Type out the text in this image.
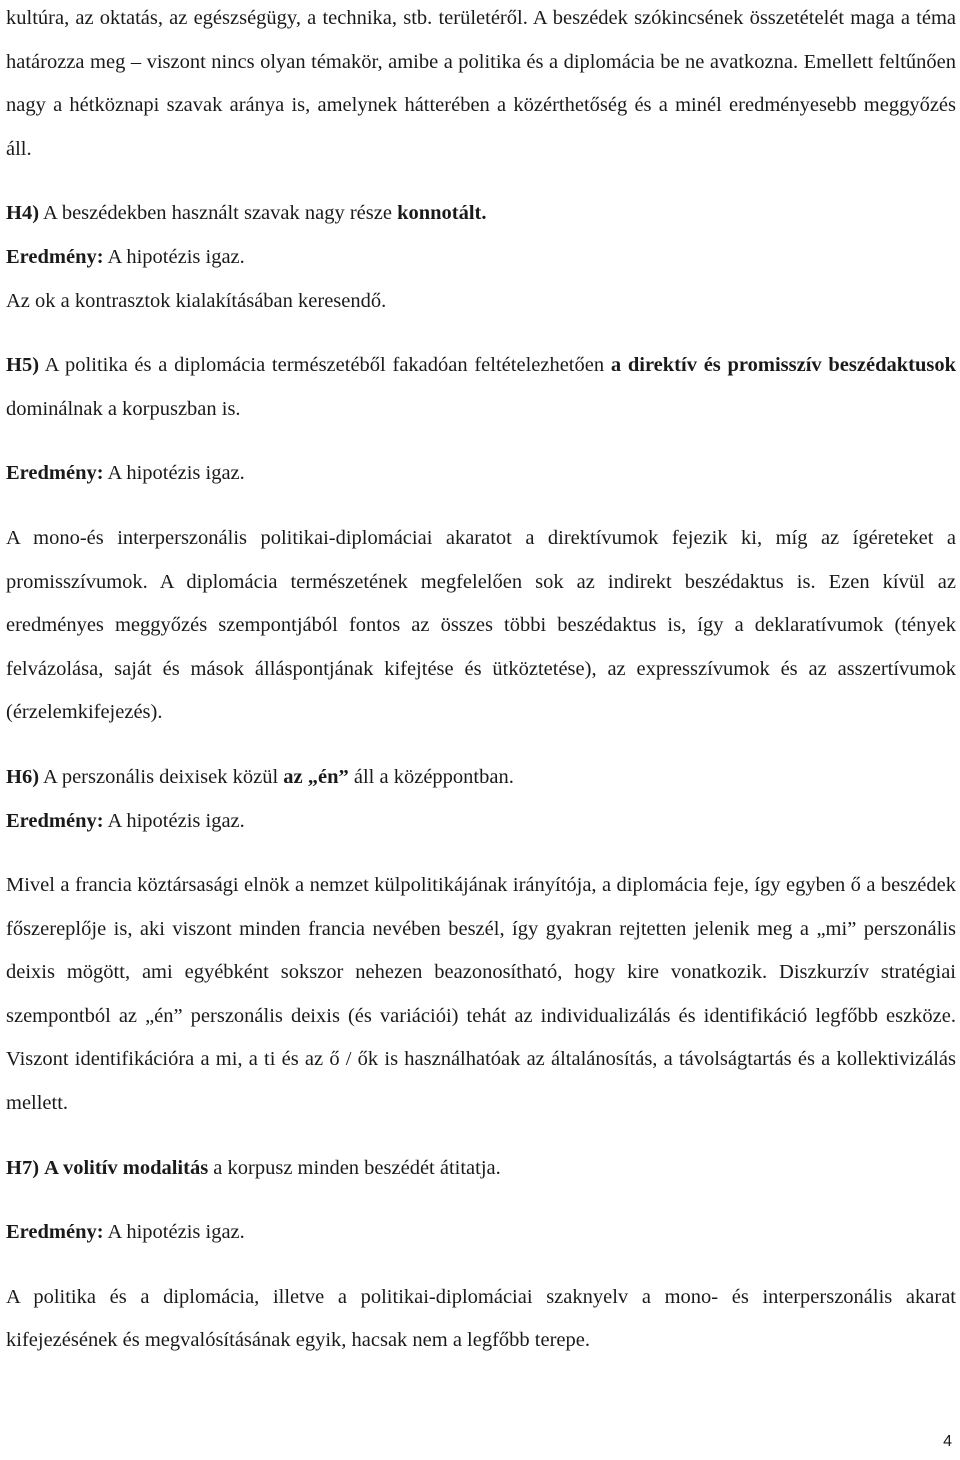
kultúra, az oktatás, az egészségügy, a technika, stb. területéről. A beszédek szókincsének összetételét maga a téma határozza meg – viszont nincs olyan témakör, amibe a politika és a diplomácia be ne avatkozna. Emellett feltűnően nagy a hétköznapi szavak aránya is, amelynek hátterében a közérthetőség és a minél eredményesebb meggyőzés áll.

H4) A beszédekben használt szavak nagy része konnotált.

Eredmény: A hipotézis igaz.

Az ok a kontrasztok kialakításában keresendő.

H5) A politika és a diplomácia természetéből fakadóan feltételezhetően a direktív és promisszív beszédaktusok dominálnak a korpuszban is.

Eredmény: A hipotézis igaz.

A mono-és interperszonális politikai-diplomáciai akaratot a direktívumok fejezik ki, míg az ígéreteket a promisszívumok. A diplomácia természetének megfelelően sok az indirekt beszédaktus is. Ezen kívül az eredményes meggyőzés szempontjából fontos az összes többi beszédaktus is, így a deklaratívumok (tények felvázolása, saját és mások álláspontjának kifejtése és ütköztetése), az expresszívumok és az asszertívumok (érzelemkifejezés).

H6) A perszonális deixisek közül az „én” áll a középpontban.

Eredmény: A hipotézis igaz.

Mivel a francia köztársasági elnök a nemzet külpolitikájának irányítója, a diplomácia feje, így egyben ő a beszédek főszereplője is, aki viszont minden francia nevében beszél, így gyakran rejtetten jelenik meg a „mi” perszonális deixis mögött, ami egyébként sokszor nehezen beazonosítható, hogy kire vonatkozik. Diszkurzív stratégiai szempontból az „én” perszonális deixis (és variációi) tehát az individualizálás és identifikáció legfőbb eszköze. Viszont identifikációra a mi, a ti és az ő / ők is használhatóak az általánosítás, a távolságtartás és a kollektivizálás mellett.

H7) A volitív modalitás a korpusz minden beszédét átitatja.

Eredmény: A hipotézis igaz.

A politika és a diplomácia, illetve a politikai-diplomáciai szaknyelv a mono- és interperszonális akarat kifejezésének és megvalósításának egyik, hacsak nem a legfőbb terepe.

4
